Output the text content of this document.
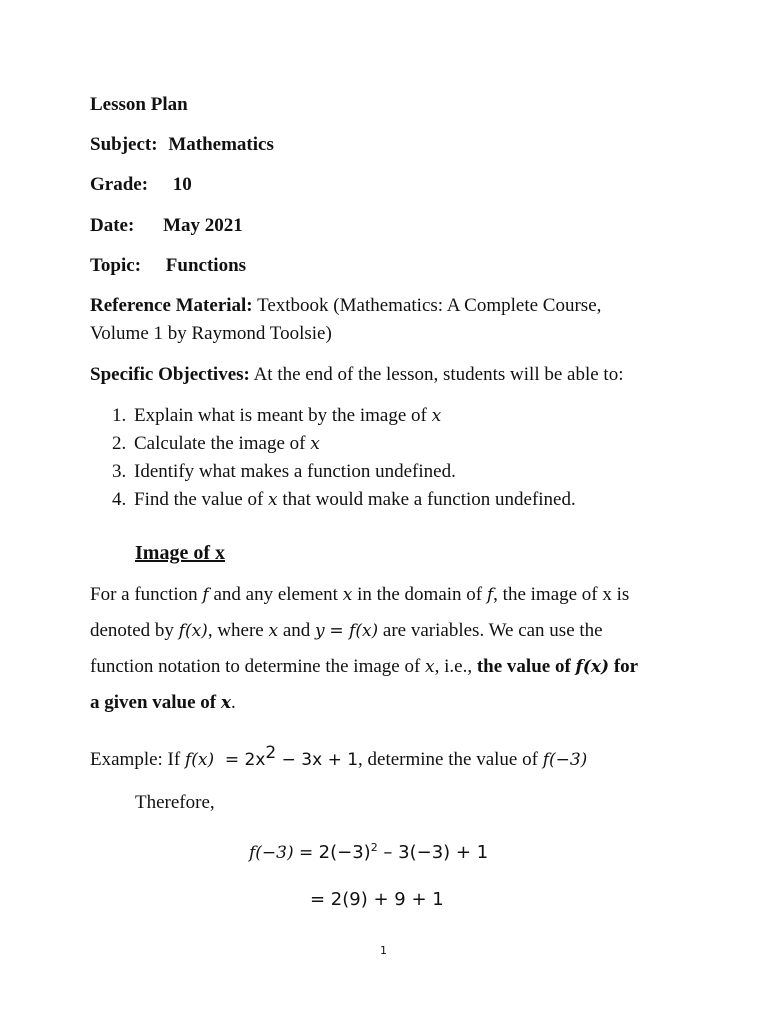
Lesson Plan
Subject: Mathematics
Grade: 10
Date: May 2021
Topic: Functions
Reference Material: Textbook (Mathematics: A Complete Course,
Volume 1 by Raymond Toolsie)
Specific Objectives: At the end of the lesson, students will be able to:
1. Explain what is meant by the image of x
2. Calculate the image of x
3. Identify what makes a function undefined.
4. Find the value of x that would make a function undefined.
Image of x
For a function f and any element x in the domain of f, the image of x is
denoted by f(x), where x and y = f(x) are variables. We can use the
function notation to determine the image of x, i.e., the value of f(x) for
a given value of x.
Example: If $f(x) = 2x^2 - 3x + 1$, determine the value of f(−3)
Therefore,
$f(-3) = 2(-3)^2 - 3(-3) + 1$
= 2(9) + 9 + 1
1
